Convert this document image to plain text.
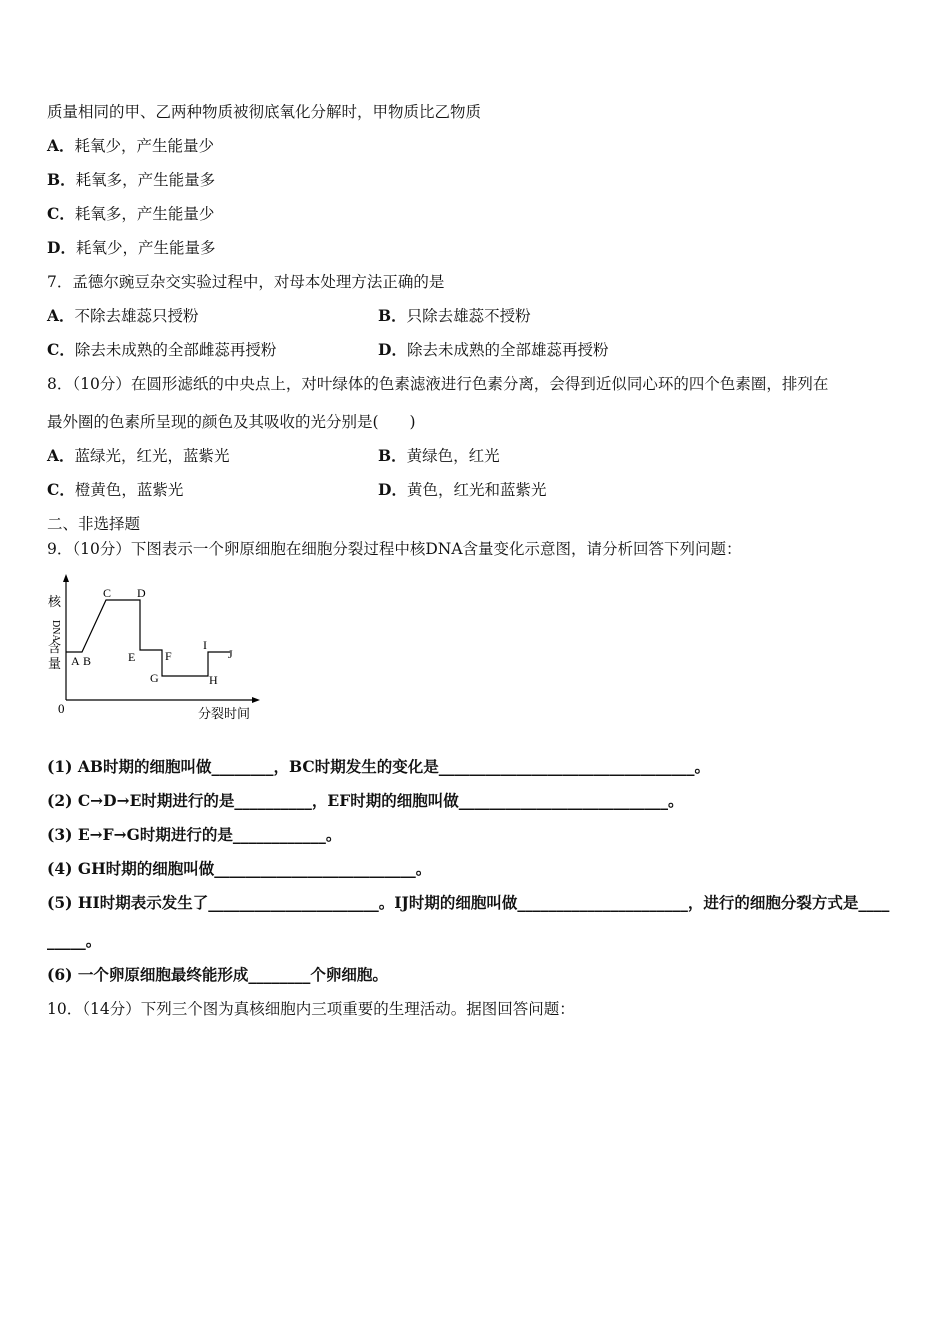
质量相同的甲、乙两种物质被彻底氧化分解时，甲物质比乙物质
A．耗氧少，产生能量少
B．耗氧多，产生能量多
C．耗氧多，产生能量少
D．耗氧少，产生能量多
7．孟德尔豌豆杂交实验过程中，对母本处理方法正确的是
A．不除去雄蕊只授粉	B．只除去雄蕊不授粉
C．除去未成熟的全部雌蕊再授粉	D．除去未成熟的全部雄蕊再授粉
8．（10分）在圆形滤纸的中央点上，对叶绿体的色素滤液进行色素分离，会得到近似同心环的四个色素圈，排列在
最外圈的色素所呈现的颜色及其吸收的光分别是(　　)
A．蓝绿光，红光，蓝紫光	B．黄绿色，红光
C．橙黄色，蓝紫光	D．黄色，红光和蓝紫光
二、非选择题
9．（10分）下图表示一个卵原细胞在细胞分裂过程中核DNA含量变化示意图，请分析回答下列问题：
核
DNA
含
量
0	分裂时间
A B
C D
E F
G	H
I
J
(1) AB时期的细胞叫做________，BC时期发生的变化是_________________________________。
(2) C→D→E时期进行的是__________，EF时期的细胞叫做___________________________。
(3) E→F→G时期进行的是____________。
(4) GH时期的细胞叫做__________________________。
(5) HI时期表示发生了______________________。IJ时期的细胞叫做______________________，进行的细胞分裂方式是____
_____。
(6) 一个卵原细胞最终能形成________个卵细胞。
10．（14分）下列三个图为真核细胞内三项重要的生理活动。据图回答问题：
